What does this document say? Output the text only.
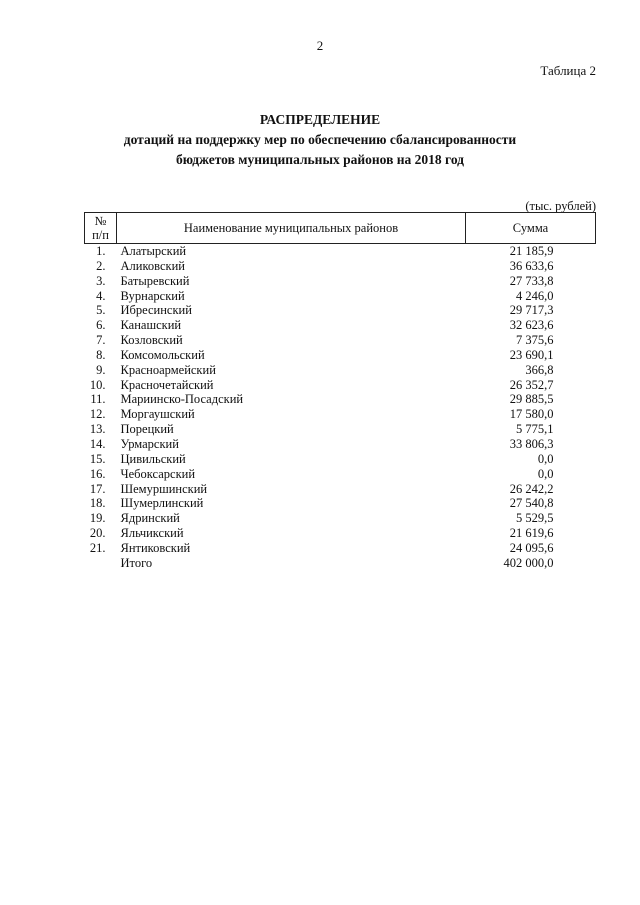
2
Таблица 2
РАСПРЕДЕЛЕНИЕ
дотаций на поддержку мер по обеспечению сбалансированности
бюджетов муниципальных районов на 2018 год
(тыс. рублей)
№
п/п	Наименование муниципальных районов	Сумма
1.	Алатырский	21 185,9
2.	Аликовский	36 633,6
3.	Батыревский	27 733,8
4.	Вурнарский	4 246,0
5.	Ибресинский	29 717,3
6.	Канашский	32 623,6
7.	Козловский	7 375,6
8.	Комсомольский	23 690,1
9.	Красноармейский	366,8
10.	Красночетайский	26 352,7
11.	Мариинско-Посадский	29 885,5
12.	Моргаушский	17 580,0
13.	Порецкий	5 775,1
14.	Урмарский	33 806,3
15.	Цивильский	0,0
16.	Чебоксарский	0,0
17.	Шемуршинский	26 242,2
18.	Шумерлинский	27 540,8
19.	Ядринский	5 529,5
20.	Яльчикский	21 619,6
21.	Янтиковский	24 095,6
	Итого	402 000,0
